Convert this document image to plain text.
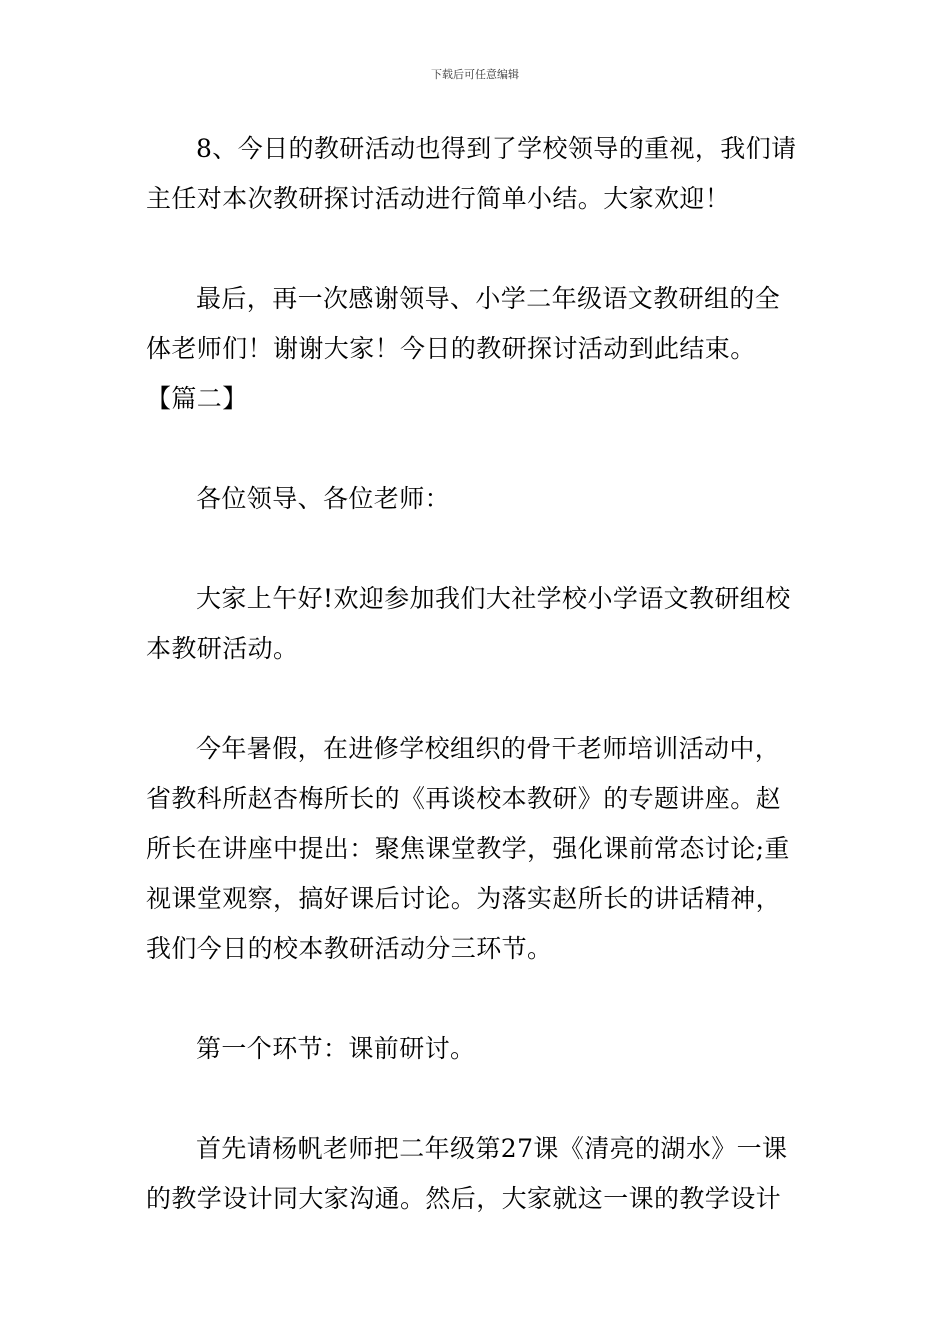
下载后可任意编辑
8、今日的教研活动也得到了学校领导的重视，我们请
主任对本次教研探讨活动进行简单小结。大家欢迎！
最后，再一次感谢领导、小学二年级语文教研组的全
体老师们！谢谢大家！今日的教研探讨活动到此结束。
【篇二】
各位领导、各位老师：
大家上午好!欢迎参加我们大社学校小学语文教研组校
本教研活动。
今年暑假，在进修学校组织的骨干老师培训活动中，
省教科所赵杏梅所长的《再谈校本教研》的专题讲座。赵
所长在讲座中提出：聚焦课堂教学，强化课前常态讨论;重
视课堂观察，搞好课后讨论。为落实赵所长的讲话精神，
我们今日的校本教研活动分三环节。
第一个环节：课前研讨。
首先请杨帆老师把二年级第27课《清亮的湖水》一课
的教学设计同大家沟通。然后，大家就这一课的教学设计
